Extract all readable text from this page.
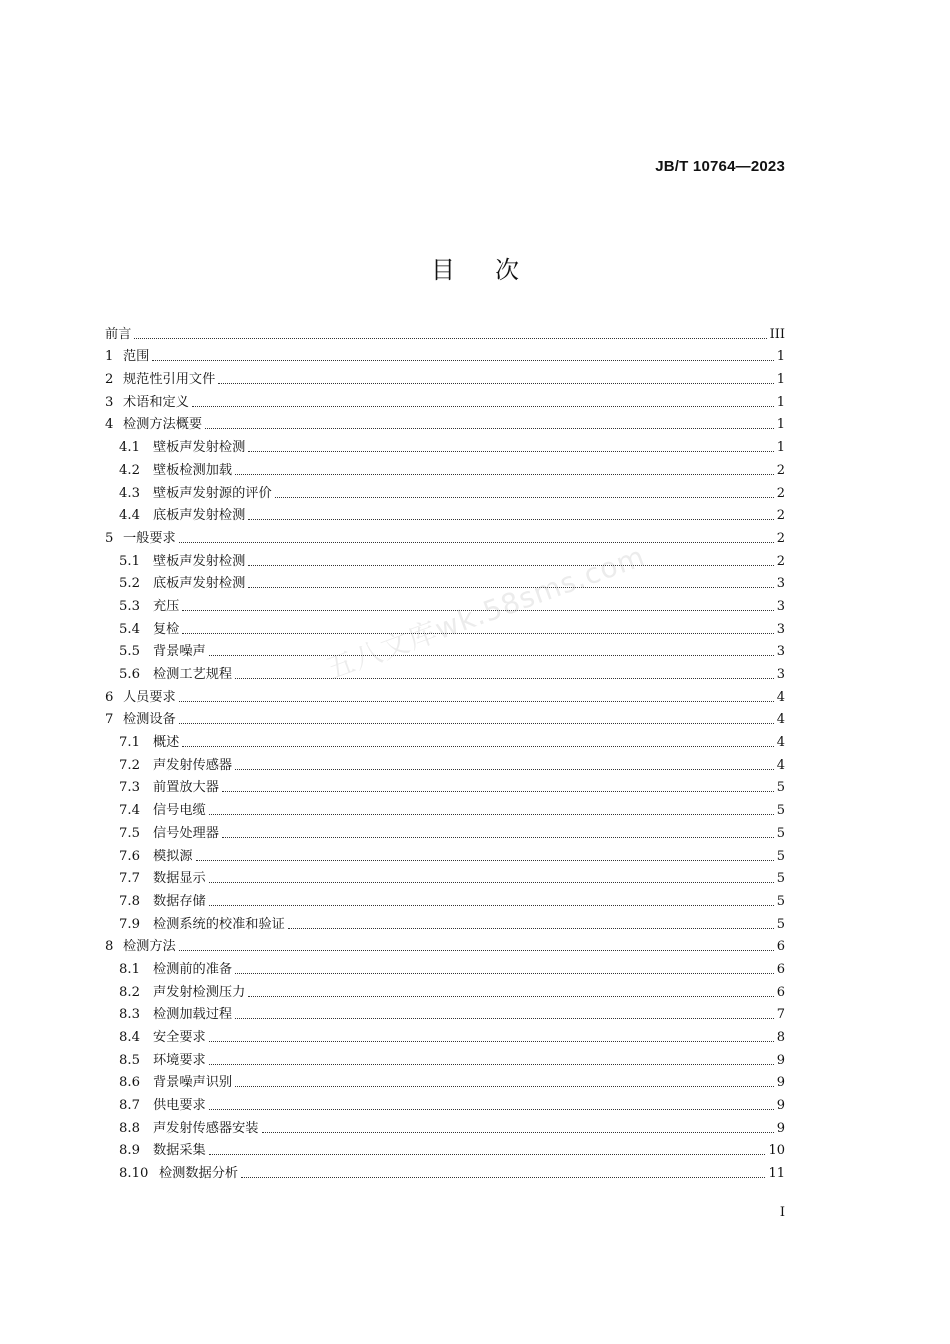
JB/T 10764—2023
目 次
前言	III
1 范围	1
2 规范性引用文件	1
3 术语和定义	1
4 检测方法概要	1
4.1 壁板声发射检测	1
4.2 壁板检测加载	2
4.3 壁板声发射源的评价	2
4.4 底板声发射检测	2
5 一般要求	2
5.1 壁板声发射检测	2
5.2 底板声发射检测	3
5.3 充压	3
5.4 复检	3
5.5 背景噪声	3
5.6 检测工艺规程	3
6 人员要求	4
7 检测设备	4
7.1 概述	4
7.2 声发射传感器	4
7.3 前置放大器	5
7.4 信号电缆	5
7.5 信号处理器	5
7.6 模拟源	5
7.7 数据显示	5
7.8 数据存储	5
7.9 检测系统的校准和验证	5
8 检测方法	6
8.1 检测前的准备	6
8.2 声发射检测压力	6
8.3 检测加载过程	7
8.4 安全要求	8
8.5 环境要求	9
8.6 背景噪声识别	9
8.7 供电要求	9
8.8 声发射传感器安装	9
8.9 数据采集	10
8.10 检测数据分析	11
五八文库wk.58sms.com
I
